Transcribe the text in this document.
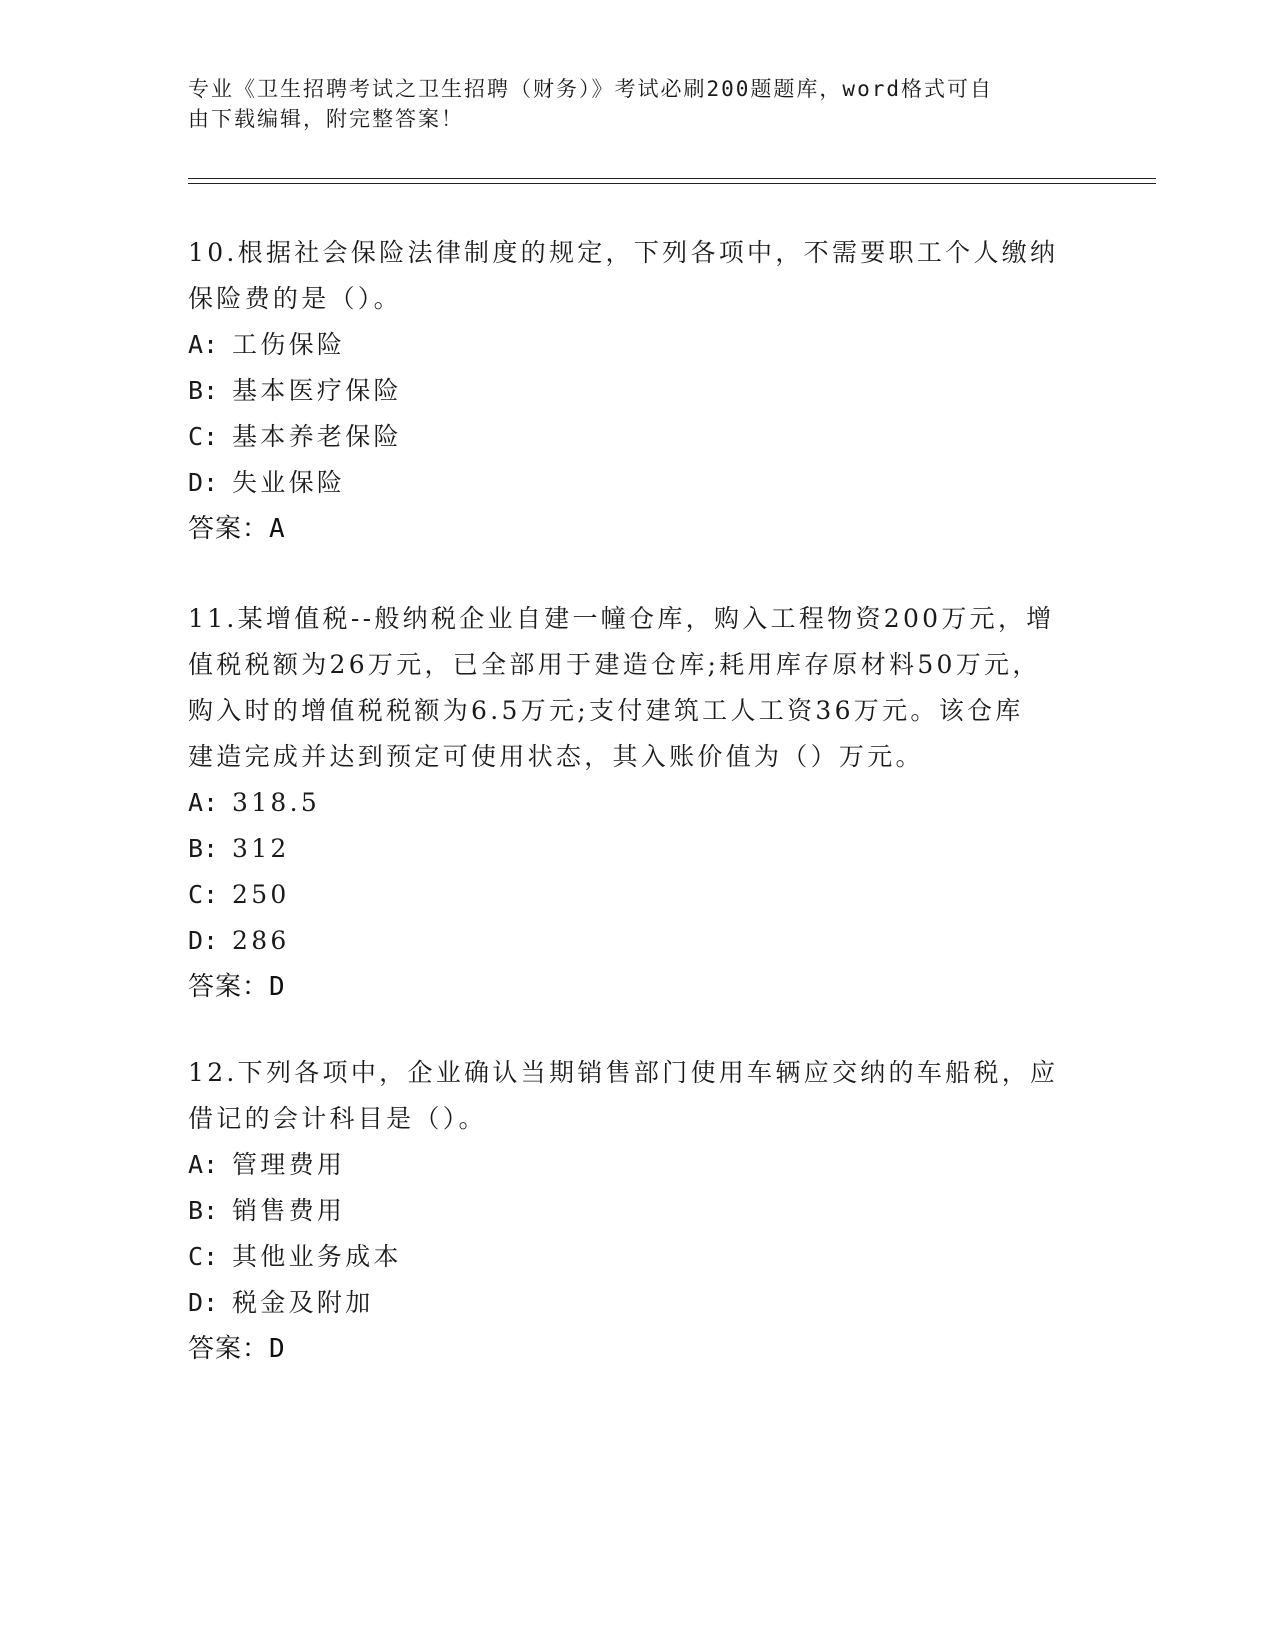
专业《卫生招聘考试之卫生招聘（财务）》考试必刷200题题库，word格式可自
由下载编辑，附完整答案！

10.根据社会保险法律制度的规定，下列各项中，不需要职工个人缴纳

保险费的是（）。

A: 工伤保险

B: 基本医疗保险

C: 基本养老保险

D: 失业保险

答案：A

11.某增值税--般纳税企业自建一幢仓库，购入工程物资200万元，增

值税税额为26万元，已全部用于建造仓库;耗用库存原材料50万元，

购入时的增值税税额为6.5万元;支付建筑工人工资36万元。该仓库

建造完成并达到预定可使用状态，其入账价值为（）万元。

A: 318.5

B: 312

C: 250

D: 286

答案：D

12.下列各项中，企业确认当期销售部门使用车辆应交纳的车船税，应

借记的会计科目是（）。

A: 管理费用

B: 销售费用

C: 其他业务成本

D: 税金及附加

答案：D
